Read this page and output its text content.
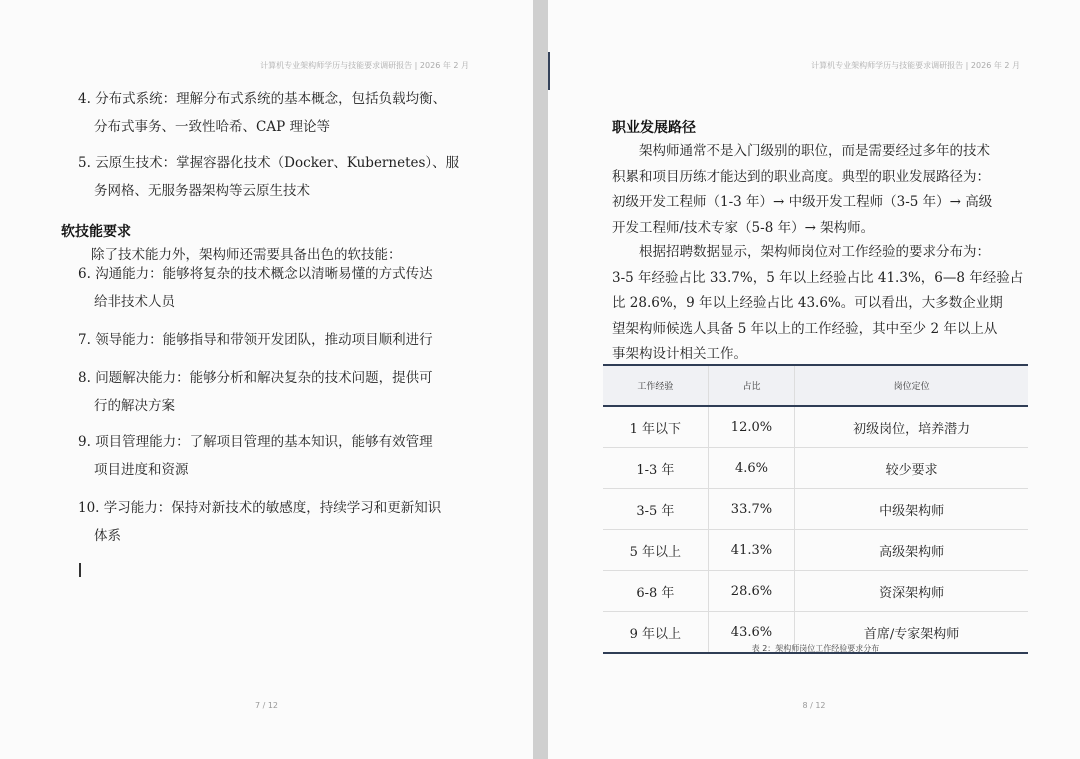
计算机专业架构师学历与技能要求调研报告 | 2026 年 2 月
7 / 12
计算机专业架构师学历与技能要求调研报告 | 2026 年 2 月
8 / 12
4. 分布式系统：理解分布式系统的基本概念，包括负载均衡、
分布式事务、一致性哈希、CAP 理论等
5. 云原生技术：掌握容器化技术（Docker、Kubernetes）、服
务网格、无服务器架构等云原生技术
软技能要求
除了技术能力外，架构师还需要具备出色的软技能：
6. 沟通能力：能够将复杂的技术概念以清晰易懂的方式传达
给非技术人员
7. 领导能力：能够指导和带领开发团队，推动项目顺利进行
8. 问题解决能力：能够分析和解决复杂的技术问题，提供可
行的解决方案
9. 项目管理能力：了解项目管理的基本知识，能够有效管理
项目进度和资源
10. 学习能力：保持对新技术的敏感度，持续学习和更新知识
体系
职业发展路径
　　架构师通常不是入门级别的职位，而是需要经过多年的技术
积累和项目历练才能达到的职业高度。典型的职业发展路径为：
初级开发工程师（1-3 年）→ 中级开发工程师（3-5 年）→ 高级
开发工程师/技术专家（5-8 年）→ 架构师。
　　根据招聘数据显示，架构师岗位对工作经验的要求分布为：
3-5 年经验占比 33.7%，5 年以上经验占比 41.3%，6—8 年经验占
比 28.6%，9 年以上经验占比 43.6%。可以看出，大多数企业期
望架构师候选人具备 5 年以上的工作经验，其中至少 2 年以上从
事架构设计相关工作。
工作经验	占比	岗位定位
1 年以下	12.0%	初级岗位，培养潜力
1-3 年	4.6%	较少要求
3-5 年	33.7%	中级架构师
5 年以上	41.3%	高级架构师
6-8 年	28.6%	资深架构师
9 年以上	43.6%	首席/专家架构师
表 2：架构师岗位工作经验要求分布
